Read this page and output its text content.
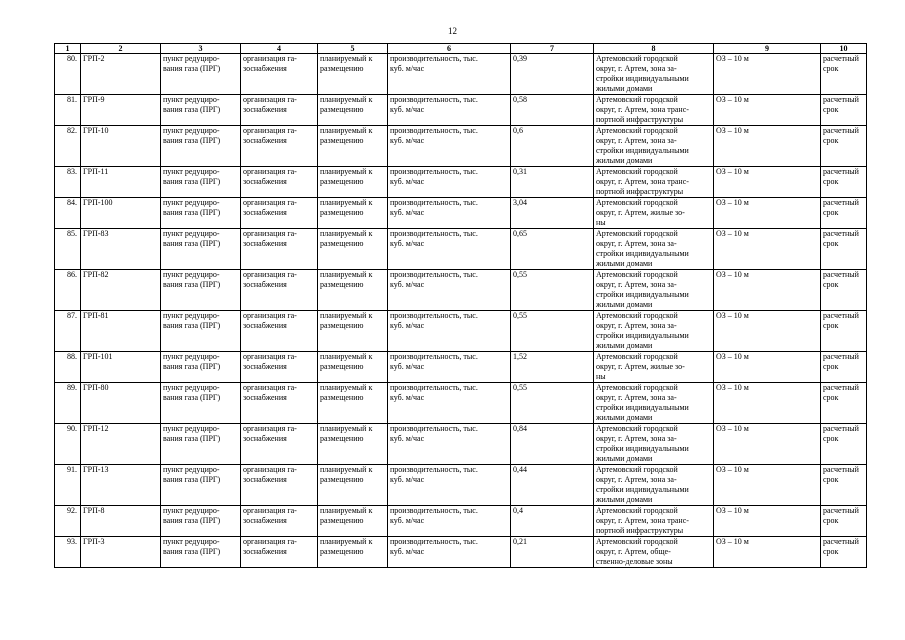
12
1	2	3	4	5	6	7	8	9	10

80.	ГРП-2	пункт редуциро-
вания газа (ПРГ)	организация га-
зоснабжения	планируемый к
размещению	производительность, тыс.
куб. м/час	0,39	Артемовский городской
округ, г. Артем, зона за-
стройки индивидуальными
жилыми домами	ОЗ – 10 м	расчетный
срок

81.	ГРП-9	пункт редуциро-
вания газа (ПРГ)	организация га-
зоснабжения	планируемый к
размещению	производительность, тыс.
куб. м/час	0,58	Артемовский городской
округ, г. Артем, зона транс-
портной инфраструктуры	ОЗ – 10 м	расчетный
срок

82.	ГРП-10	пункт редуциро-
вания газа (ПРГ)	организация га-
зоснабжения	планируемый к
размещению	производительность, тыс.
куб. м/час	0,6	Артемовский городской
округ, г. Артем, зона за-
стройки индивидуальными
жилыми домами	ОЗ – 10 м	расчетный
срок

83.	ГРП-11	пункт редуциро-
вания газа (ПРГ)	организация га-
зоснабжения	планируемый к
размещению	производительность, тыс.
куб. м/час	0,31	Артемовский городской
округ, г. Артем, зона транс-
портной инфраструктуры	ОЗ – 10 м	расчетный
срок

84.	ГРП-100	пункт редуциро-
вания газа (ПРГ)	организация га-
зоснабжения	планируемый к
размещению	производительность, тыс.
куб. м/час	3,04	Артемовский городской
округ, г. Артем, жилые зо-
ны	ОЗ – 10 м	расчетный
срок

85.	ГРП-83	пункт редуциро-
вания газа (ПРГ)	организация га-
зоснабжения	планируемый к
размещению	производительность, тыс.
куб. м/час	0,65	Артемовский городской
округ, г. Артем, зона за-
стройки индивидуальными
жилыми домами	ОЗ – 10 м	расчетный
срок

86.	ГРП-82	пункт редуциро-
вания газа (ПРГ)	организация га-
зоснабжения	планируемый к
размещению	производительность, тыс.
куб. м/час	0,55	Артемовский городской
округ, г. Артем, зона за-
стройки индивидуальными
жилыми домами	ОЗ – 10 м	расчетный
срок

87.	ГРП-81	пункт редуциро-
вания газа (ПРГ)	организация га-
зоснабжения	планируемый к
размещению	производительность, тыс.
куб. м/час	0,55	Артемовский городской
округ, г. Артем, зона за-
стройки индивидуальными
жилыми домами	ОЗ – 10 м	расчетный
срок

88.	ГРП-101	пункт редуциро-
вания газа (ПРГ)	организация га-
зоснабжения	планируемый к
размещению	производительность, тыс.
куб. м/час	1,52	Артемовский городской
округ, г. Артем, жилые зо-
ны	ОЗ – 10 м	расчетный
срок

89.	ГРП-80	пункт редуциро-
вания газа (ПРГ)	организация га-
зоснабжения	планируемый к
размещению	производительность, тыс.
куб. м/час	0,55	Артемовский городской
округ, г. Артем, зона за-
стройки индивидуальными
жилыми домами	ОЗ – 10 м	расчетный
срок

90.	ГРП-12	пункт редуциро-
вания газа (ПРГ)	организация га-
зоснабжения	планируемый к
размещению	производительность, тыс.
куб. м/час	0,84	Артемовский городской
округ, г. Артем, зона за-
стройки индивидуальными
жилыми домами	ОЗ – 10 м	расчетный
срок

91.	ГРП-13	пункт редуциро-
вания газа (ПРГ)	организация га-
зоснабжения	планируемый к
размещению	производительность, тыс.
куб. м/час	0,44	Артемовский городской
округ, г. Артем, зона за-
стройки индивидуальными
жилыми домами	ОЗ – 10 м	расчетный
срок

92.	ГРП-8	пункт редуциро-
вания газа (ПРГ)	организация га-
зоснабжения	планируемый к
размещению	производительность, тыс.
куб. м/час	0,4	Артемовский городской
округ, г. Артем, зона транс-
портной инфраструктуры	ОЗ – 10 м	расчетный
срок

93.	ГРП-3	пункт редуциро-
вания газа (ПРГ)	организация га-
зоснабжения	планируемый к
размещению	производительность, тыс.
куб. м/час	0,21	Артемовский городской
округ, г. Артем, обще-
ственно-деловые зоны	ОЗ – 10 м	расчетный
срок
